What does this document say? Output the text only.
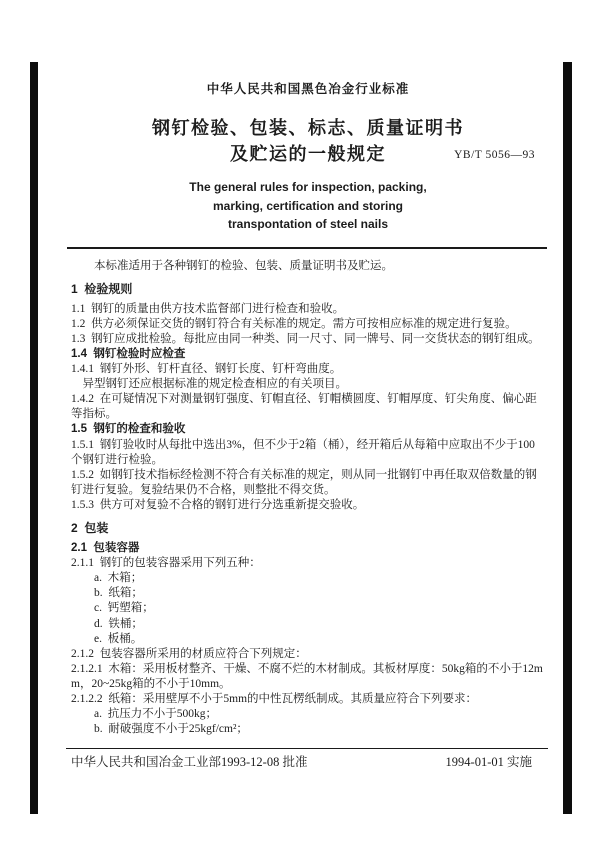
中华人民共和国黑色冶金行业标准
钢钉检验、包装、标志、质量证明书
及贮运的一般规定	YB/T 5056—93
The general rules for inspection, packing,
marking, certification and storing
transpontation of steel nails
本标准适用于各种钢钉的检验、包装、质量证明书及贮运。
1  检验规则
1.1  钢钉的质量由供方技术监督部门进行检查和验收。
1.2  供方必须保证交货的钢钉符合有关标准的规定。需方可按相应标准的规定进行复验。
1.3  钢钉应成批检验。每批应由同一种类、同一尺寸、同一牌号、同一交货状态的钢钉组成。
1.4  钢钉检验时应检查
1.4.1  钢钉外形、钉杆直径、钢钉长度、钉杆弯曲度。
异型钢钉还应根据标准的规定检查相应的有关项目。
1.4.2  在可疑情况下对测量钢钉强度、钉帽直径、钉帽横圆度、钉帽厚度、钉尖角度、偏心距等指标。
1.5  钢钉的检查和验收
1.5.1  钢钉验收时从每批中选出3%，但不少于2箱（桶），经开箱后从每箱中应取出不少于100个钢钉进行检验。
1.5.2  如钢钉技术指标经检测不符合有关标准的规定，则从同一批钢钉中再任取双倍数量的钢钉进行复验。复验结果仍不合格，则整批不得交货。
1.5.3  供方可对复验不合格的钢钉进行分选重新提交验收。
2  包装
2.1  包装容器
2.1.1  钢钉的包装容器采用下列五种：
a.  木箱；
b.  纸箱；
c.  钙塑箱；
d.  铁桶；
e.  板桶。
2.1.2  包装容器所采用的材质应符合下列规定：
2.1.2.1  木箱：采用板材整齐、干燥、不腐不烂的木材制成。其板材厚度：50kg箱的不小于12mm，20~25kg箱的不小于10mm。
2.1.2.2  纸箱：采用壁厚不小于5mm的中性瓦楞纸制成。其质量应符合下列要求：
a.  抗压力不小于500kg；
b.  耐破强度不小于25kgf/cm²；
中华人民共和国冶金工业部1993-12-08 批准	1994-01-01 实施
